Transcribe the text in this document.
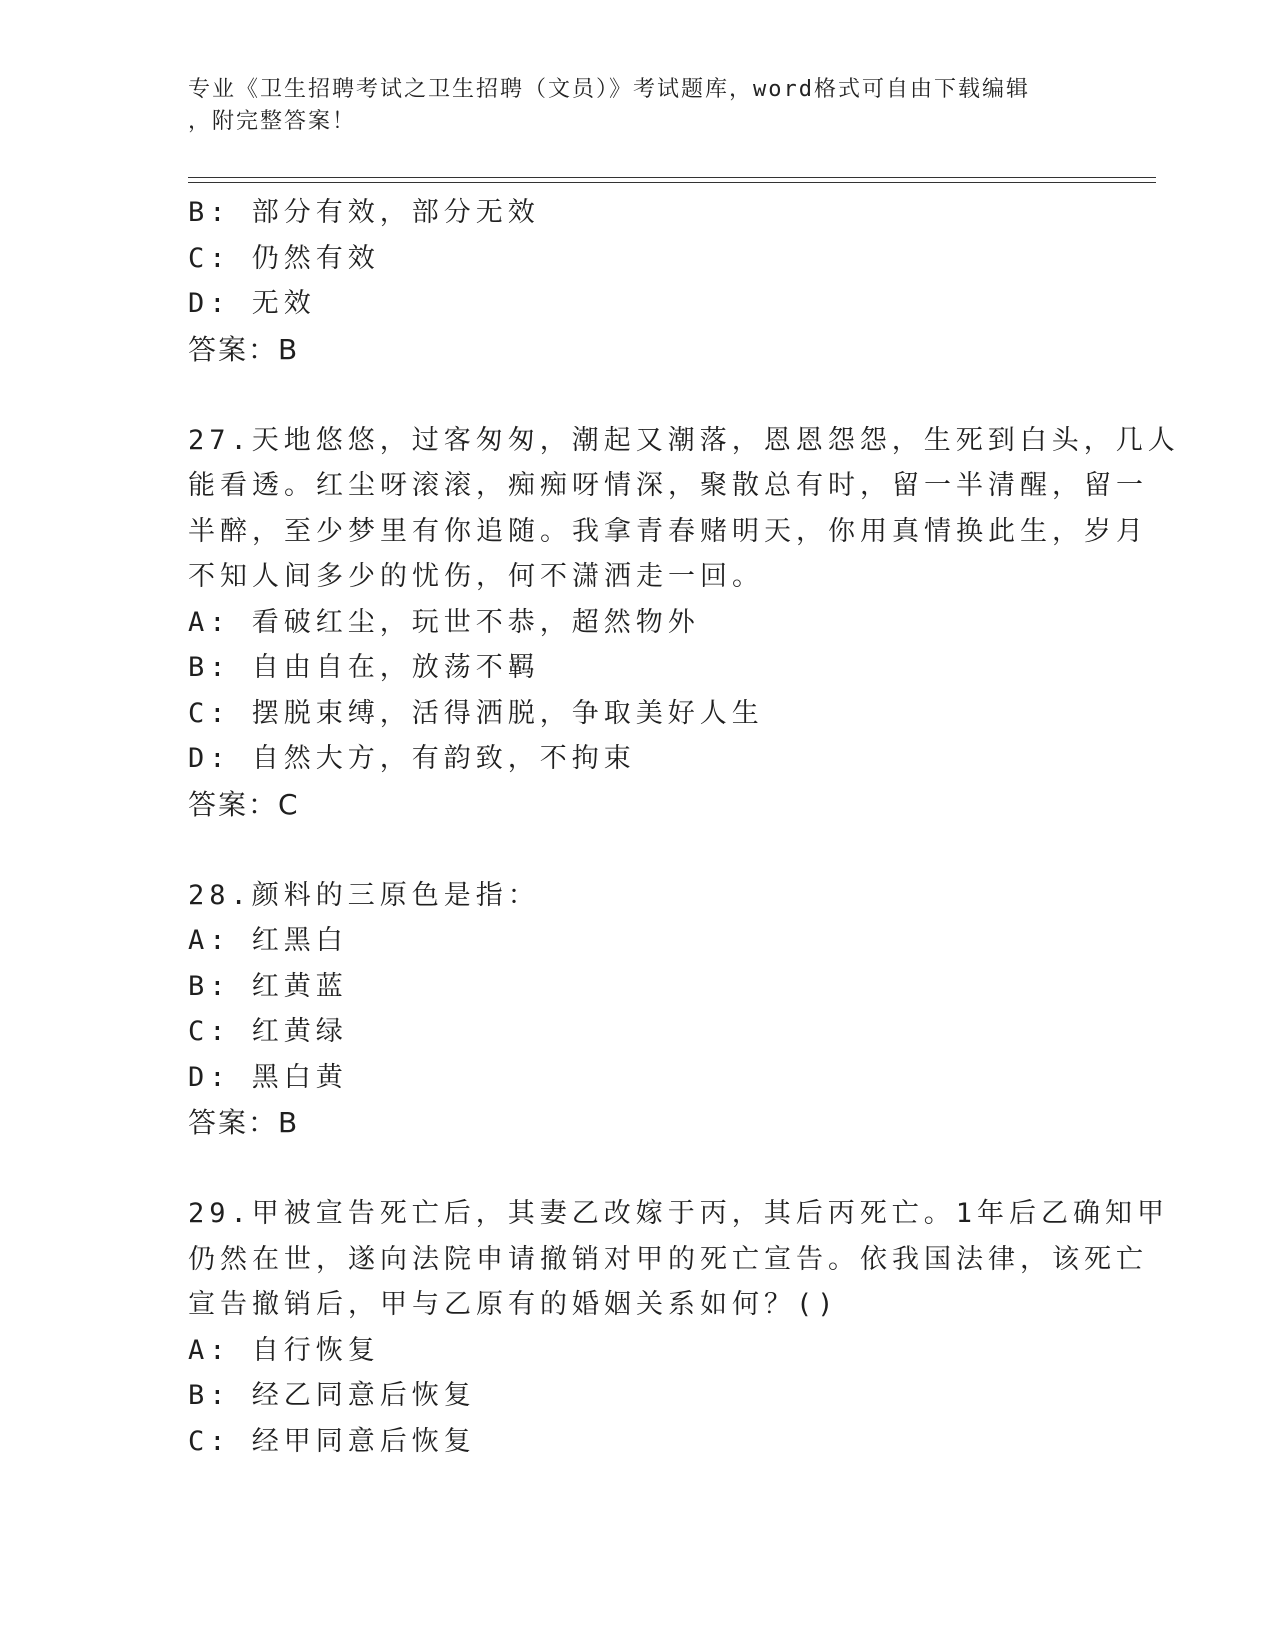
专业《卫生招聘考试之卫生招聘（文员）》考试题库，word格式可自由下载编辑
，附完整答案！
B: 部分有效，部分无效
C: 仍然有效
D: 无效
答案：B
27.天地悠悠，过客匆匆，潮起又潮落，恩恩怨怨，生死到白头，几人
能看透。红尘呀滚滚，痴痴呀情深，聚散总有时，留一半清醒，留一
半醉，至少梦里有你追随。我拿青春赌明天，你用真情换此生，岁月
不知人间多少的忧伤，何不潇洒走一回。
A: 看破红尘，玩世不恭，超然物外
B: 自由自在，放荡不羁
C: 摆脱束缚，活得洒脱，争取美好人生
D: 自然大方，有韵致，不拘束
答案：C
28.颜料的三原色是指：
A: 红黑白
B: 红黄蓝
C: 红黄绿
D: 黑白黄
答案：B
29.甲被宣告死亡后，其妻乙改嫁于丙，其后丙死亡。1年后乙确知甲
仍然在世，遂向法院申请撤销对甲的死亡宣告。依我国法律，该死亡
宣告撤销后，甲与乙原有的婚姻关系如何？()
A: 自行恢复
B: 经乙同意后恢复
C: 经甲同意后恢复
